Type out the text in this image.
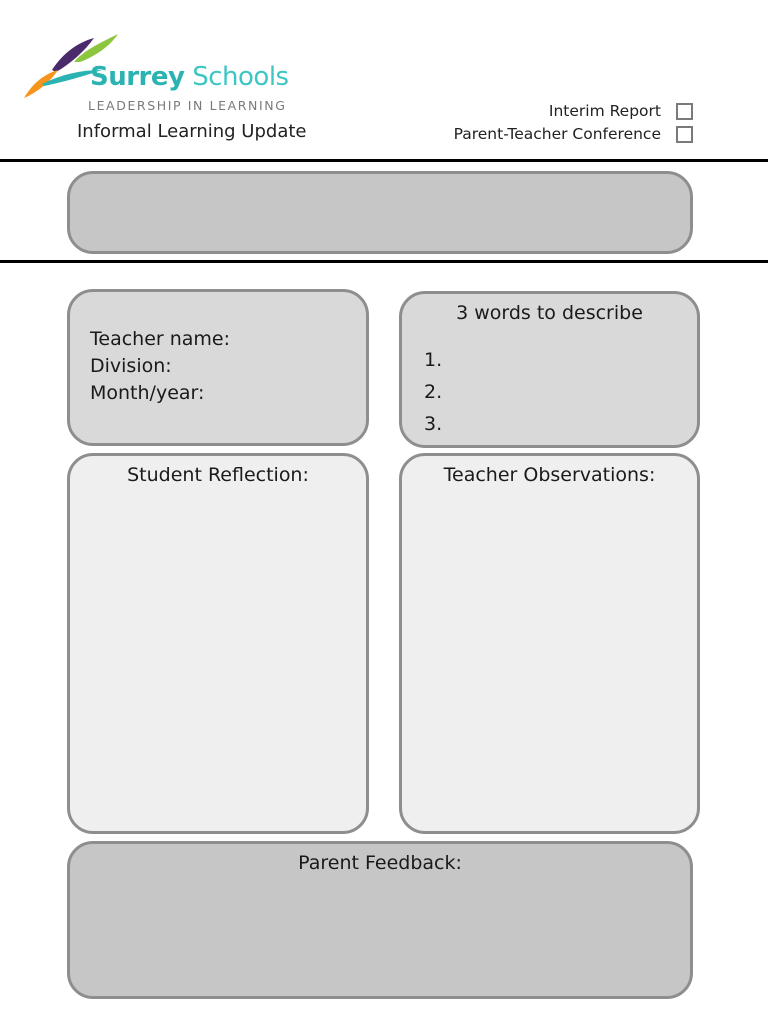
Surrey Schools
LEADERSHIP IN LEARNING
Informal Learning Update
Interim Report
Parent-Teacher Conference
Teacher name:
Division:
Month/year:
3 words to describe
1.
2.
3.
Student Reflection:	Teacher Observations:
Parent Feedback:
